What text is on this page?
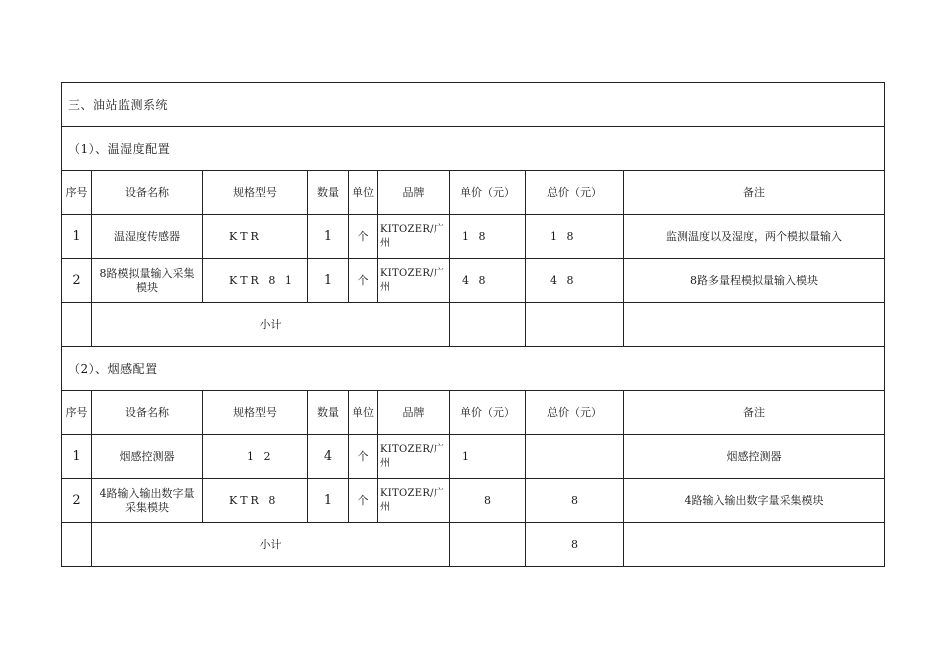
三、油站监测系统								
（1）、温湿度配置								
序号	设备名称	规格型号	数量	单位	品牌	单价（元）	总价（元）	备注
1	温湿度传感器	KTR	1	个	KITOZER/广州	1 8	1 8	监测温度以及湿度，两个模拟量输入
2	8路模拟量输入采集模块	KTR 8 1	1	个	KITOZER/广州	4 8	4 8	8路多量程模拟量输入模块
	小计							
（2）、烟感配置								
序号	设备名称	规格型号	数量	单位	品牌	单价（元）	总价（元）	备注
1	烟感控测器	1 2	4	个	KITOZER/广州	1		烟感控测器
2	4路输入输出数字量采集模块	KTR 8	1	个	KITOZER/广州	8	8	4路输入输出数字量采集模块
	小计						8	
